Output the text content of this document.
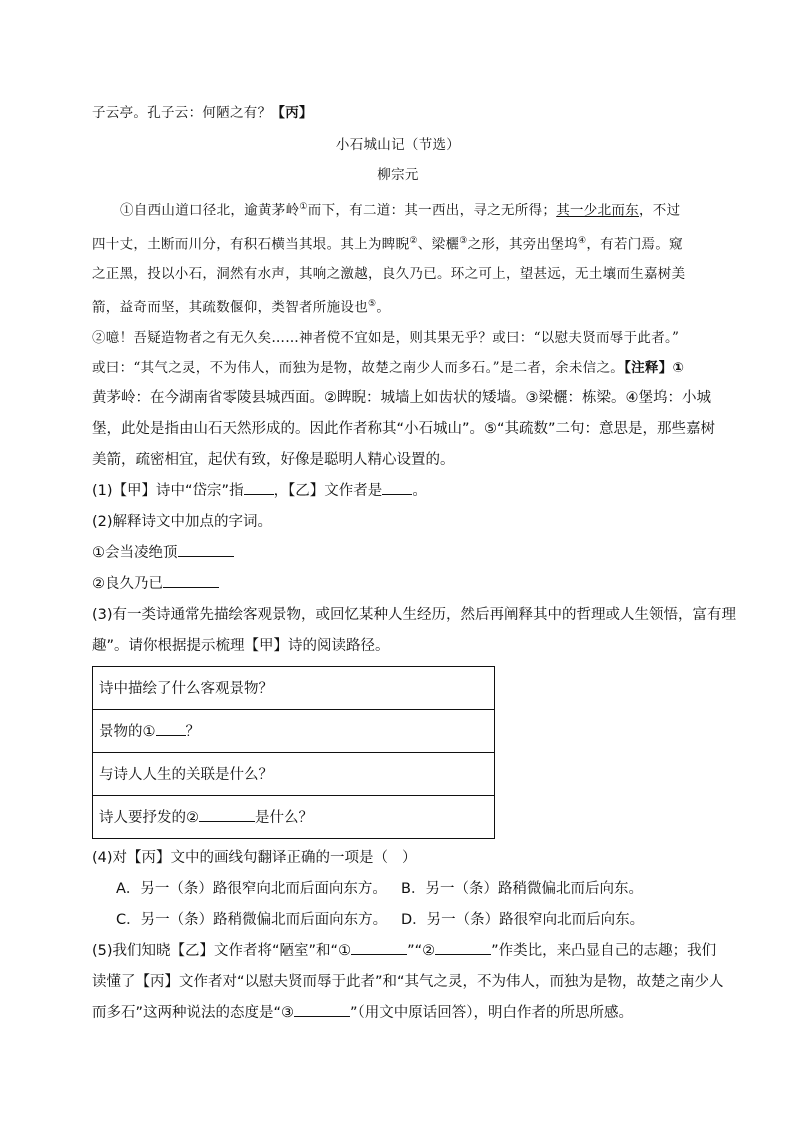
子云亭。孔子云：何陋之有？【丙】

小石城山记（节选）

柳宗元

①自西山道口径北，逾黄茅岭①而下，有二道：其一西出，寻之无所得；其一少北而东，不过

四十丈，土断而川分，有积石横当其垠。其上为睥睨②、梁欐③之形，其旁出堡坞④，有若门焉。窥

之正黑，投以小石，洞然有水声，其响之激越，良久乃已。环之可上，望甚远，无土壤而生嘉树美

箭，益奇而坚，其疏数偃仰，类智者所施设也⑤。

②噫！吾疑造物者之有无久矣……神者傥不宜如是，则其果无乎？或曰：“以慰夫贤而辱于此者。”

或曰：“其气之灵，不为伟人，而独为是物，故楚之南少人而多石。”是二者，余未信之。【注释】①

黄茅岭：在今湖南省零陵县城西面。②睥睨：城墙上如齿状的矮墙。③梁欐：栋梁。④堡坞：小城

堡，此处是指由山石天然形成的。因此作者称其“小石城山”。⑤“其疏数”二句：意思是，那些嘉树

美箭，疏密相宜，起伏有致，好像是聪明人精心设置的。

(1)【甲】诗中“岱宗”指 ，【乙】文作者是 。

(2)解释诗文中加点的字词。

①会当凌绝顶

②良久乃已

(3)有一类诗通常先描绘客观景物，或回忆某种人生经历，然后再阐释其中的哲理或人生领悟，富有理

趣”。请你根据提示梳理【甲】诗的阅读路径。

诗中描绘了什么客观景物？
景物的① ？
与诗人人生的关联是什么？
诗人要抒发的②	是什么？

(4)对【丙】文中的画线句翻译正确的一项是（ ）

A．另一（条）路很窄向北而后面向东方。 B．另一（条）路稍微偏北而后向东。

C．另一（条）路稍微偏北而后面向东方。 D．另一（条）路很窄向北而后向东。

(5)我们知晓【乙】文作者将“陋室”和“①	”“②	”作类比，来凸显自己的志趣；我们

读懂了【丙】文作者对“以慰夫贤而辱于此者”和“其气之灵，不为伟人，而独为是物，故楚之南少人

而多石”这两种说法的态度是“③	”（用文中原话回答），明白作者的所思所感。
